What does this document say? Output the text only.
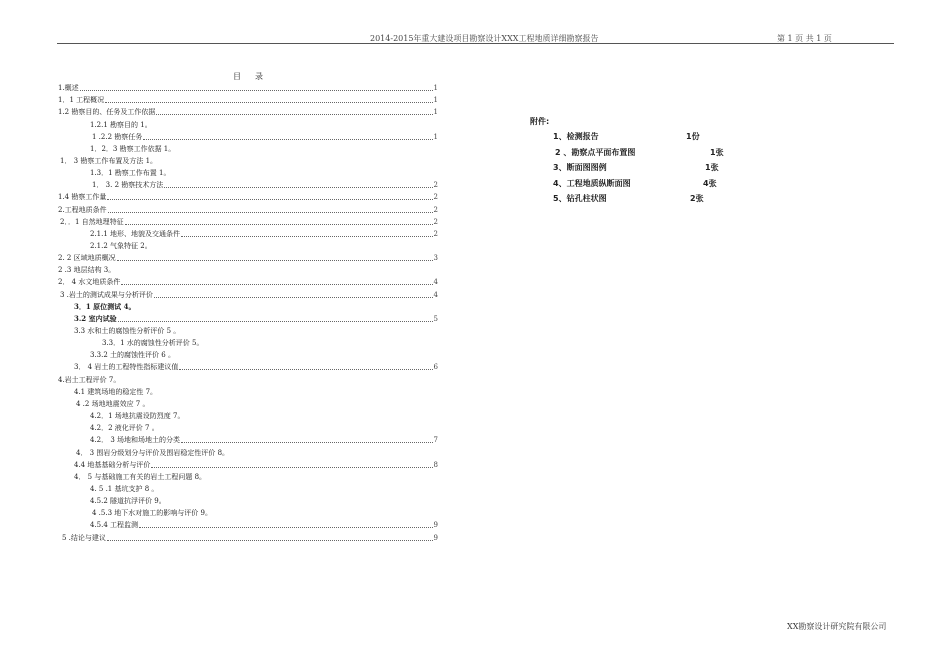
2014-2015年重大建设项目勘察设计XXX工程地质详细勘察报告	第 1 页 共 1 页
目录
1.概述	1
1．1 工程概况	1
1.2 勘察目的、任务及工作依据	1
1.2.1 勘察目的 1。
1 .2.2 勘察任务	1
1．2．3 勘察工作依据 1。
1． 3 勘察工作布置及方法 1。
1.3．1 勘察工作布置 1。
1． 3. 2 勘察技术方法	2
1.4 勘察工作量	2
2.工程地质条件	2
2．．1 自然地理特征	2
2.1.1 地形、地貌及交通条件	2
2.1.2 气象特征 2。
2. 2 区域地质概况	3
2 .3 地层结构 3。
2． 4 水文地质条件	4
3 .岩土的测试成果与分析评价	4
3．1 原位测试 4。
3.2 室内试验	5
3.3 水和土的腐蚀性分析评价 5 。
3.3．1 水的腐蚀性分析评价 5。
3.3.2 土的腐蚀性评价 6 。
3． 4 岩土的工程特性指标建议值	6
4.岩土工程评价 7。
4.1 建筑场地的稳定性 7。
4 .2 场地地震效应 7 。
4.2．1 场地抗震设防烈度 7。
4.2．2 液化评价 7 。
4.2． 3 场地和场地土的分类	7
4． 3 围岩分级划分与评价及围岩稳定性评价 8。
4.4 地基基础分析与评价	8
4． 5 与基础施工有关的岩土工程问题 8。
4. 5 .1 基坑支护 8 。
4.5.2 隧道抗浮评价 9。
4 .5.3 地下水对施工的影响与评价 9。
4.5.4 工程监测	9
5 .结论与建议	9
附件:
1、检测报告	1份
2 、勘察点平面布置图	1张
3、断面图图例	1张
4、工程地质纵断面图	4张
5、钻孔柱状图	2张
XX勘察设计研究院有限公司
